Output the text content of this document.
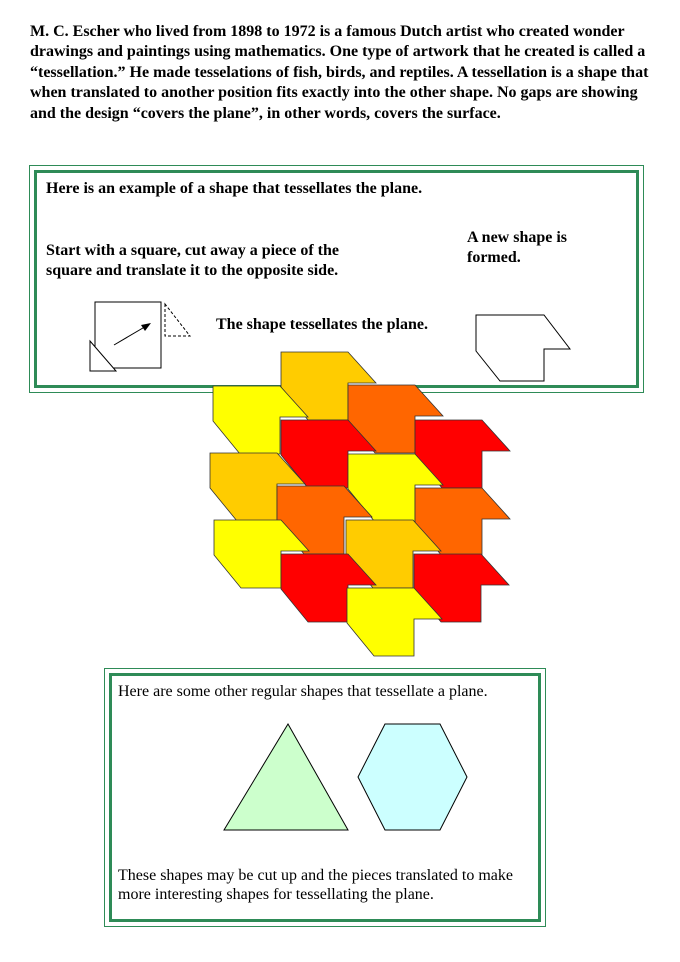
M. C. Escher who lived from 1898 to 1972 is a famous Dutch artist who created wonder drawings and paintings using mathematics. One type of artwork that he created is called a “tessellation.” He made tesselations of fish, birds, and reptiles. A tessellation is a shape that when translated to another position fits exactly into the other shape. No gaps are showing and the design “covers the plane”, in other words, covers the surface.

Here is an example of a shape that tessellates the plane.

Start with a square, cut away a piece of the square and translate it to the opposite side.

A new shape is formed.

The shape tessellates the plane.

Here are some other regular shapes that tessellate a plane.

These shapes may be cut up and the pieces translated to make more interesting shapes for tessellating the plane.
